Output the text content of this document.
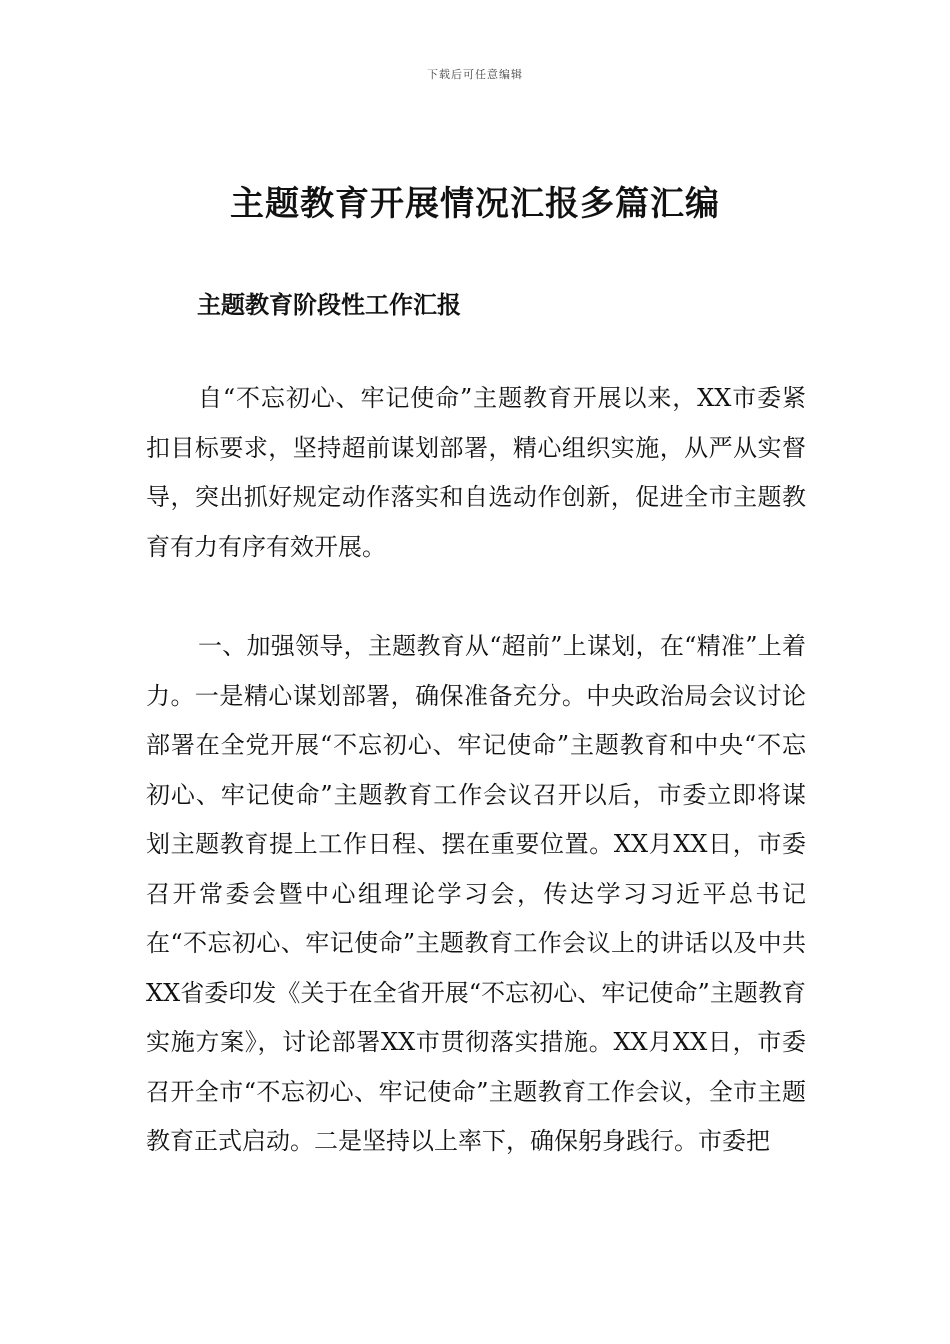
下载后可任意编辑
主题教育开展情况汇报多篇汇编
主题教育阶段性工作汇报

自“不忘初心、牢记使命”主题教育开展以来，XX市委紧扣目标要求，坚持超前谋划部署，精心组织实施，从严从实督导，突出抓好规定动作落实和自选动作创新，促进全市主题教育有力有序有效开展。

一、加强领导，主题教育从“超前”上谋划，在“精准”上着力。一是精心谋划部署，确保准备充分。中央政治局会议讨论部署在全党开展“不忘初心、牢记使命”主题教育和中央“不忘初心、牢记使命”主题教育工作会议召开以后，市委立即将谋划主题教育提上工作日程、摆在重要位置。XX月XX日，市委召开常委会暨中心组理论学习会，传达学习习近平总书记在“不忘初心、牢记使命”主题教育工作会议上的讲话以及中共XX省委印发《关于在全省开展“不忘初心、牢记使命”主题教育实施方案》，讨论部署XX市贯彻落实措施。XX月XX日，市委召开全市“不忘初心、牢记使命”主题教育工作会议，全市主题教育正式启动。二是坚持以上率下，确保躬身践行。市委把
